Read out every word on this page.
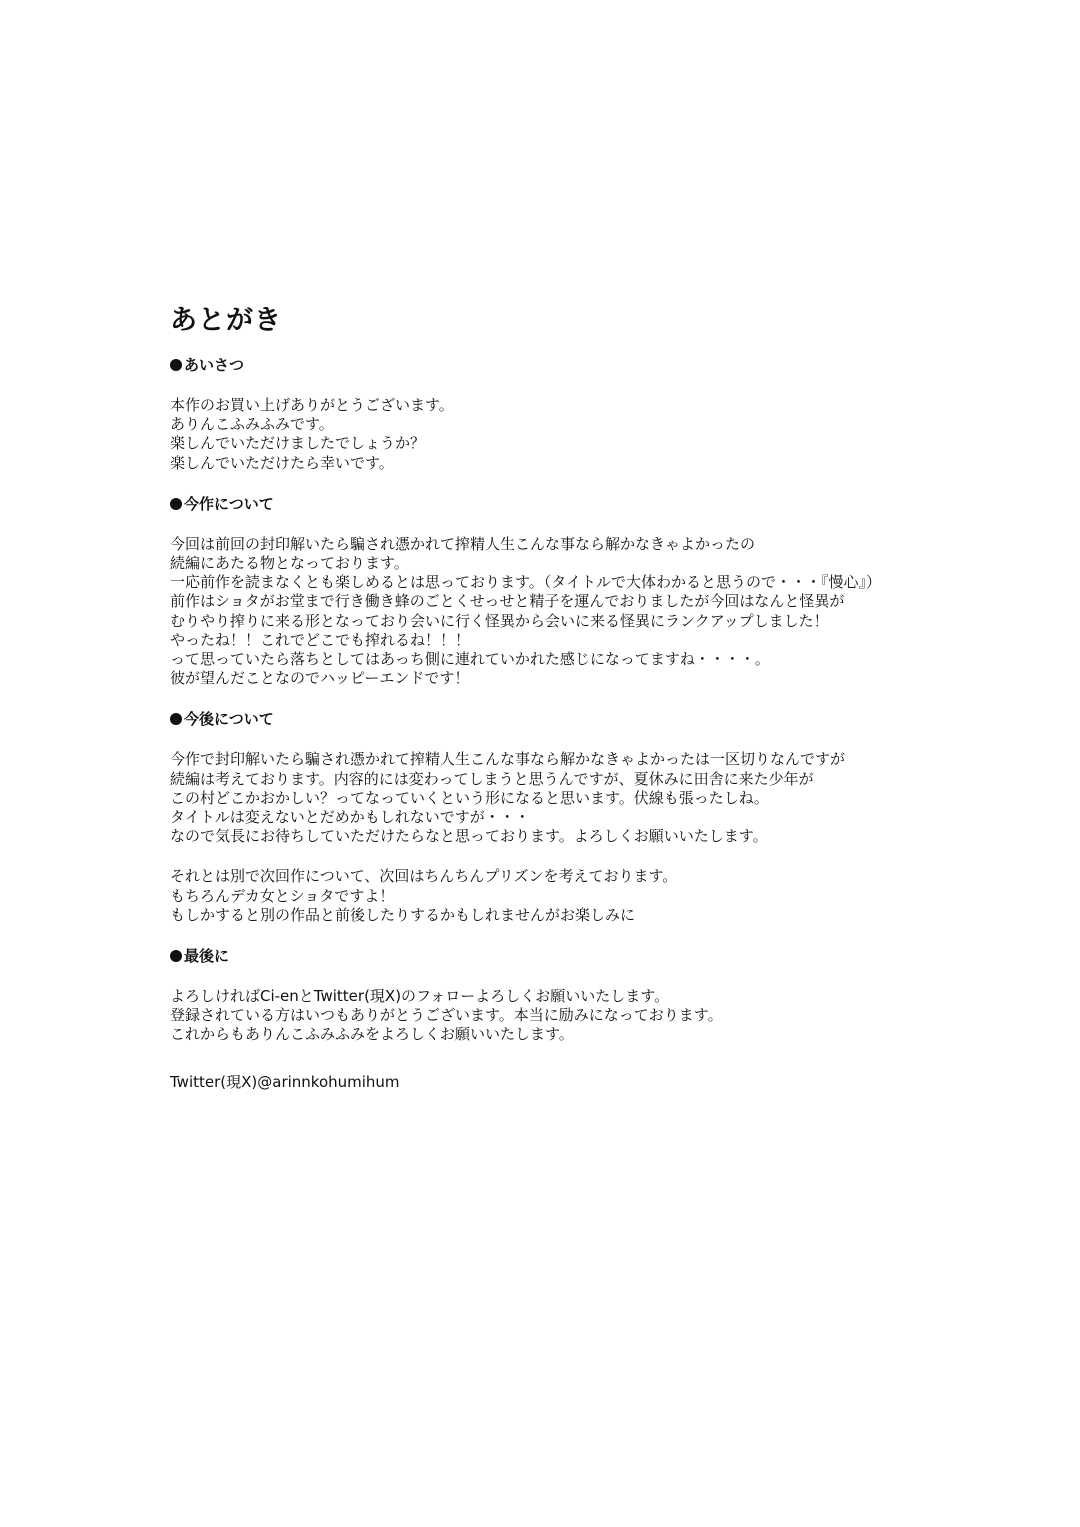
あとがき
あいさつ
本作のお買い上げありがとうございます。
ありんこふみふみです。
楽しんでいただけましたでしょうか？
楽しんでいただけたら幸いです。
今作について
今回は前回の封印解いたら騙され憑かれて搾精人生こんな事なら解かなきゃよかったの
続編にあたる物となっております。
一応前作を読まなくとも楽しめるとは思っております。（タイトルで大体わかると思うので・・・『慢心』）
前作はショタがお堂まで行き働き蜂のごとくせっせと精子を運んでおりましたが今回はなんと怪異が
むりやり搾りに来る形となっており会いに行く怪異から会いに来る怪異にランクアップしました！
やったね！！これでどこでも搾れるね！！！
って思っていたら落ちとしてはあっち側に連れていかれた感じになってますね・・・・。
彼が望んだことなのでハッピーエンドです！
今後について
今作で封印解いたら騙され憑かれて搾精人生こんな事なら解かなきゃよかったは一区切りなんですが
続編は考えております。内容的には変わってしまうと思うんですが、夏休みに田舎に来た少年が
この村どこかおかしい？ってなっていくという形になると思います。伏線も張ったしね。
タイトルは変えないとだめかもしれないですが・・・
なので気長にお待ちしていただけたらなと思っております。よろしくお願いいたします。
それとは別で次回作について、次回はちんちんプリズンを考えております。
もちろんデカ女とショタですよ！
もしかすると別の作品と前後したりするかもしれませんがお楽しみに
最後に
よろしければCi-enとTwitter(現X)のフォローよろしくお願いいたします。
登録されている方はいつもありがとうございます。本当に励みになっております。
これからもありんこふみふみをよろしくお願いいたします。
Twitter(現X)@arinnkohumihum
